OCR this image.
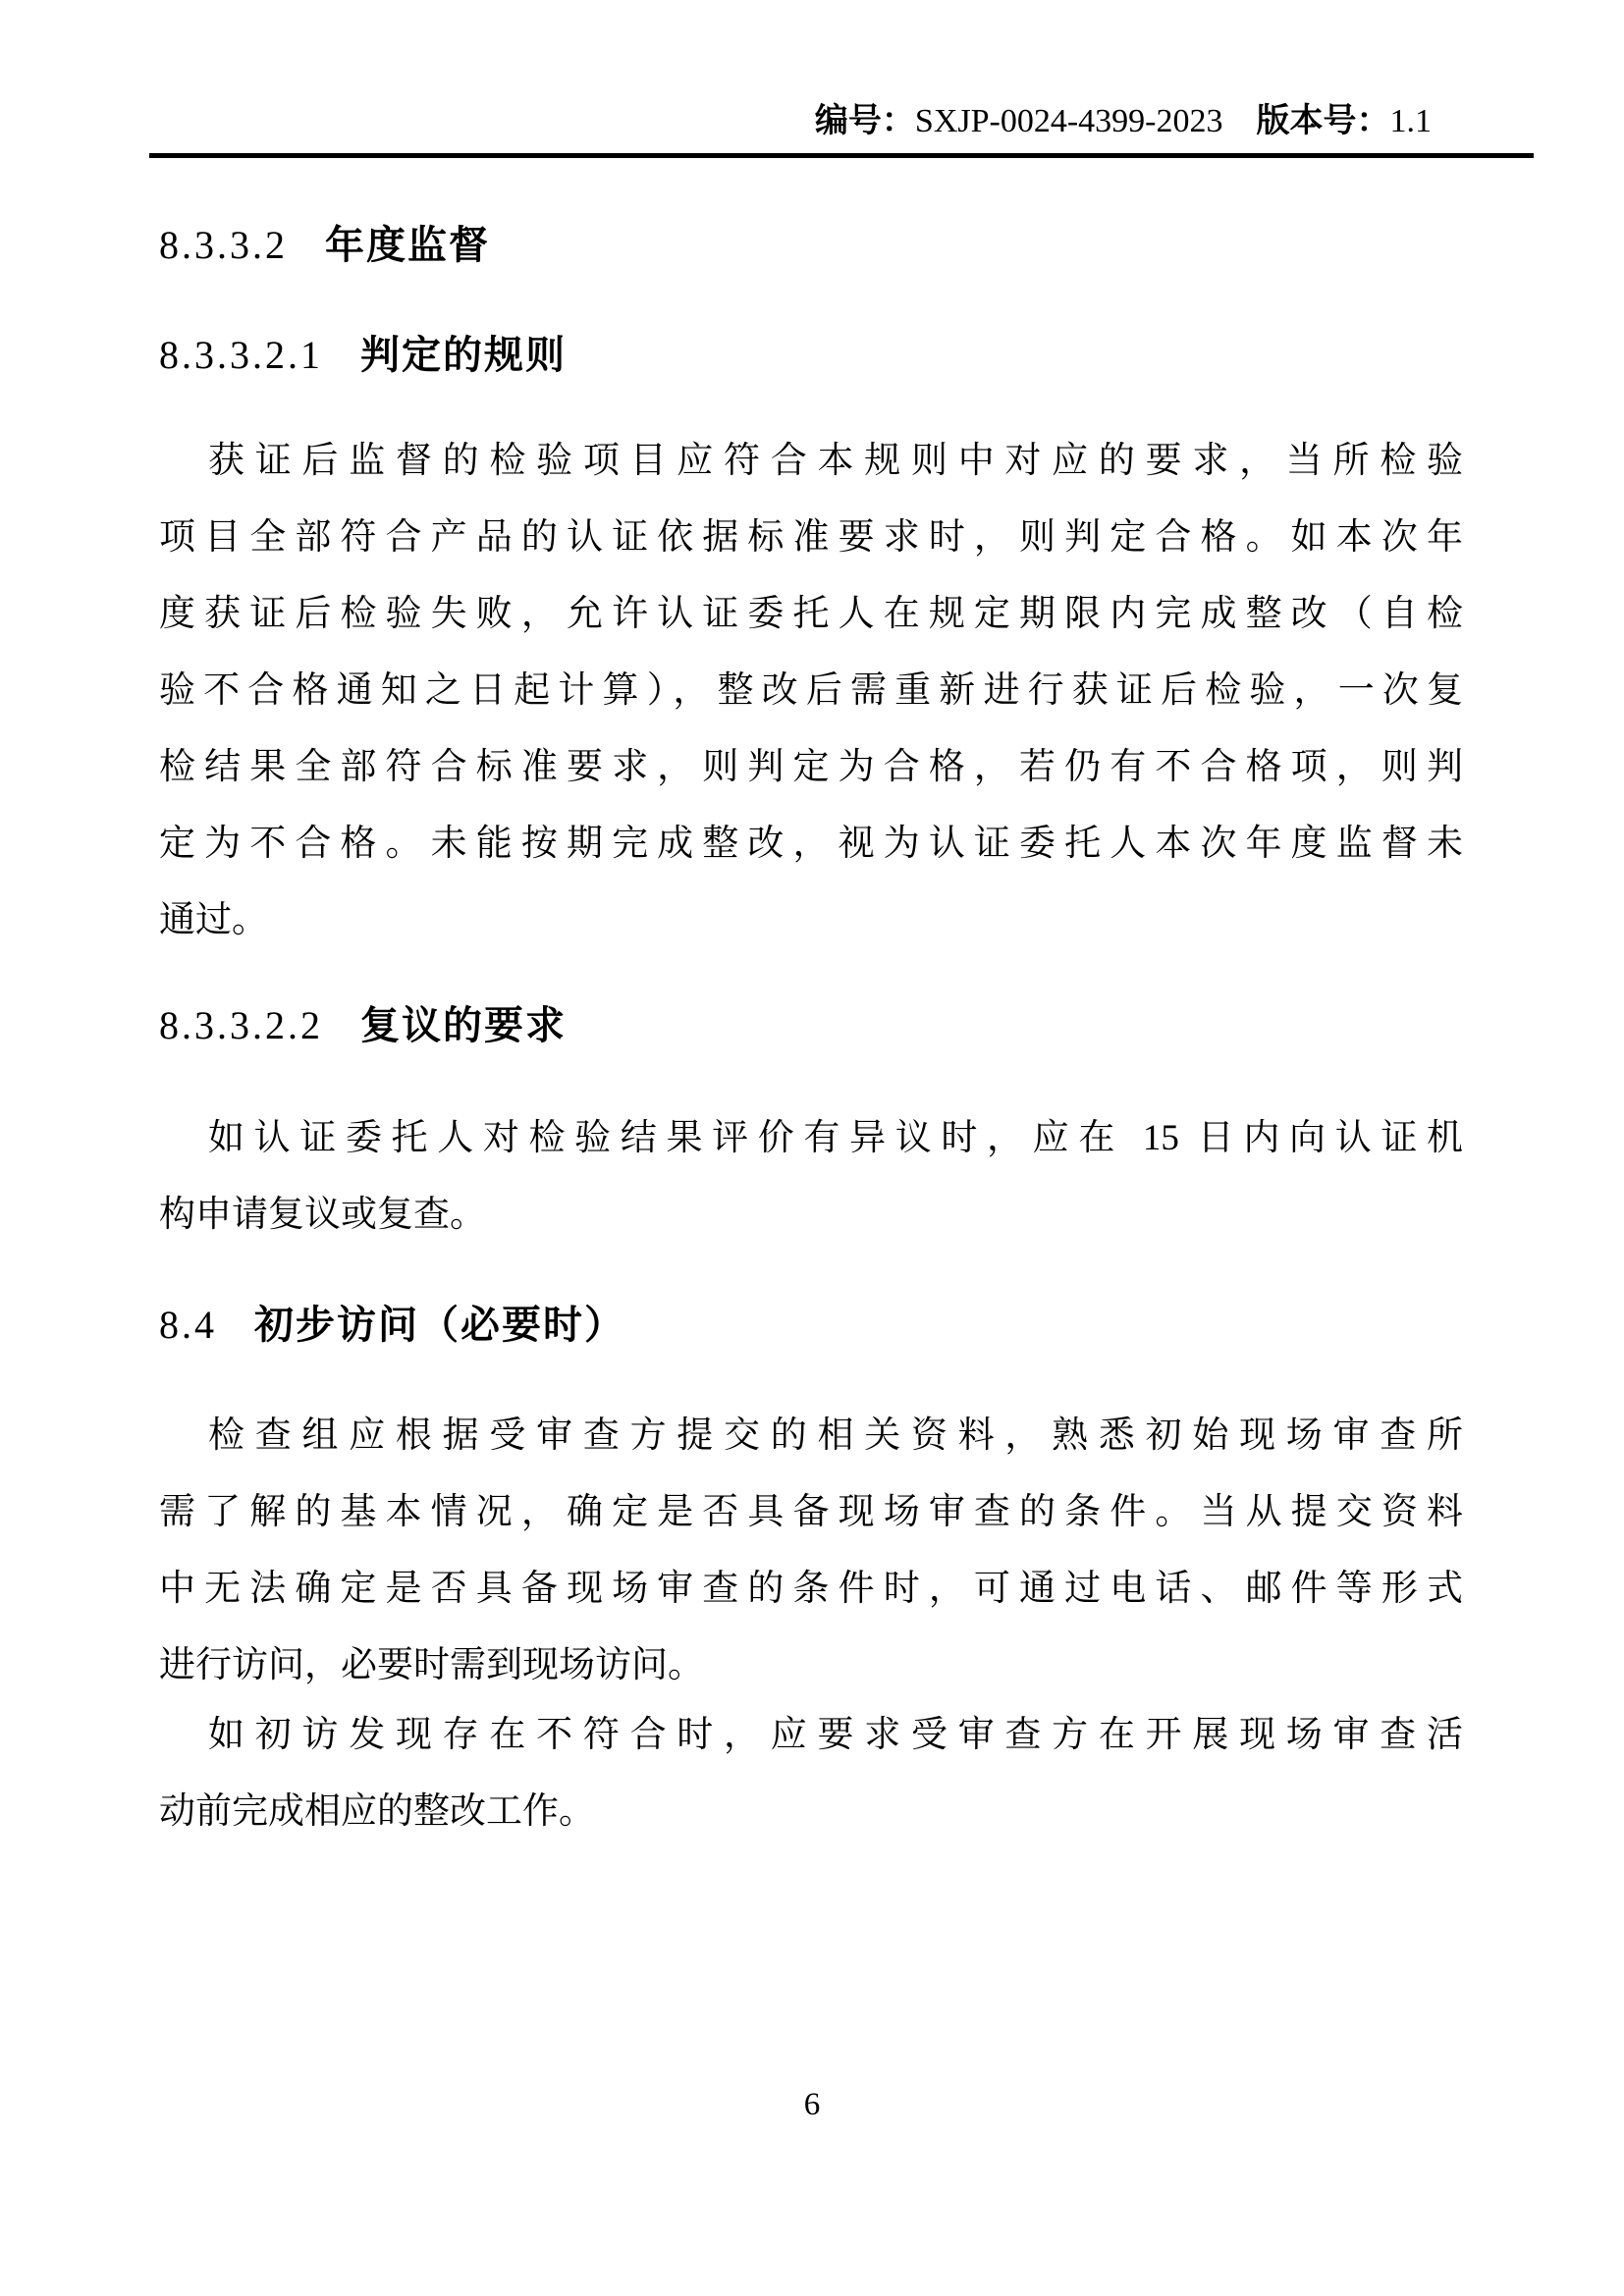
编号：SXJP-0024-4399-2023 版本号：1.1
8.3.3.2 年度监督
8.3.3.2.1 判定的规则
获证后监督的检验项目应符合本规则中对应的要求，当所检验
项目全部符合产品的认证依据标准要求时，则判定合格。如本次年
度获证后检验失败，允许认证委托人在规定期限内完成整改（自检
验不合格通知之日起计算），整改后需重新进行获证后检验，一次复
检结果全部符合标准要求，则判定为合格，若仍有不合格项，则判
定为不合格。未能按期完成整改，视为认证委托人本次年度监督未
通过。
8.3.3.2.2 复议的要求
如认证委托人对检验结果评价有异议时，应在 15 日内向认证机
构申请复议或复查。
8.4 初步访问（必要时）
检查组应根据受审查方提交的相关资料，熟悉初始现场审查所
需了解的基本情况，确定是否具备现场审查的条件。当从提交资料
中无法确定是否具备现场审查的条件时，可通过电话、邮件等形式
进行访问，必要时需到现场访问。
如初访发现存在不符合时，应要求受审查方在开展现场审查活
动前完成相应的整改工作。
6
